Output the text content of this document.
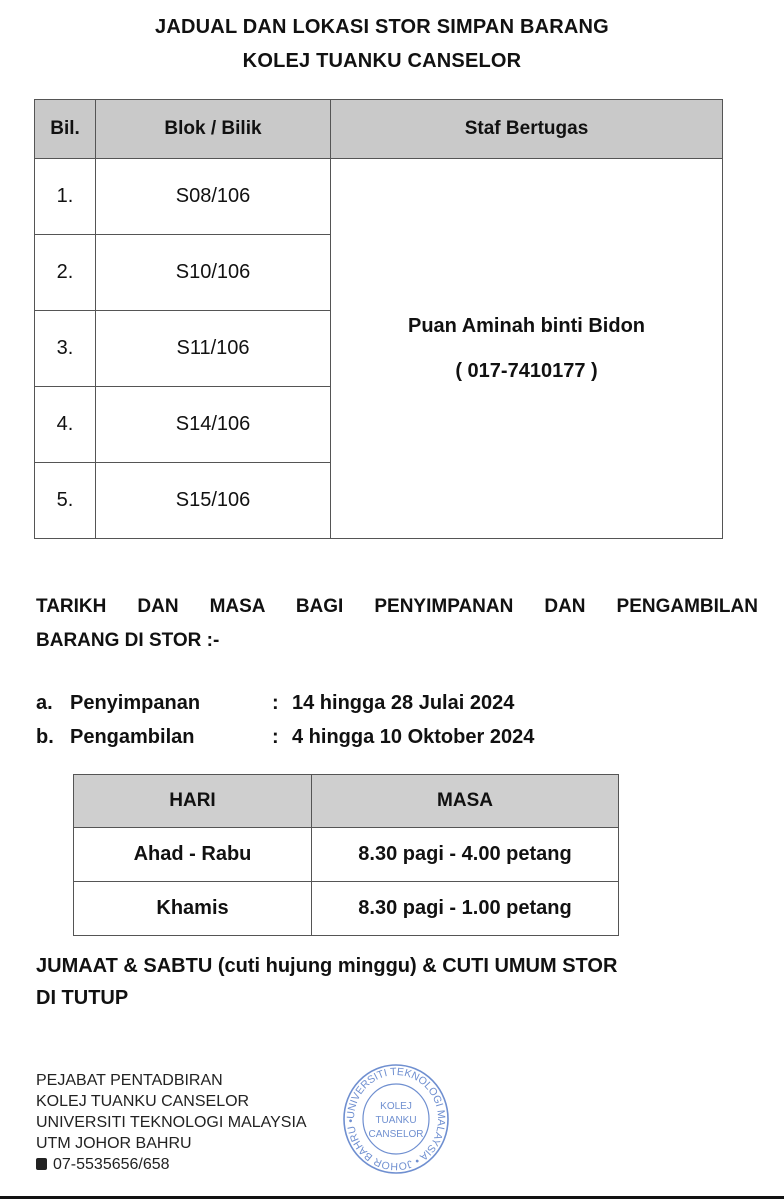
JADUAL DAN LOKASI STOR SIMPAN BARANG
KOLEJ TUANKU CANSELOR
Bil.	Blok / Bilik	Staf Bertugas
1.	S08/106	Puan Aminah binti Bidon
( 017-7410177 )

2.	S10/106	
3.	S11/106	
4.	S14/106	
5.	S15/106	
TARIKH DAN MASA BAGI PENYIMPANAN DAN PENGAMBILAN
BARANG DI STOR :-
a. Penyimpanan	: 14 hingga 28 Julai 2024
b. Pengambilan	: 4 hingga 10 Oktober 2024
HARI	MASA
Ahad - Rabu	8.30 pagi - 4.00 petang
Khamis	8.30 pagi - 1.00 petang
JUMAAT & SABTU (cuti hujung minggu) & CUTI UMUM STOR
DI TUTUP
PEJABAT PENTADBIRAN
KOLEJ TUANKU CANSELOR
UNIVERSITI TEKNOLOGI MALAYSIA
UTM JOHOR BAHRU
07-5535656/658
UNIVERSITI TEKNOLOGI MALAYSIA • JOHOR BAHRU •
KOLEJ
TUANKU
CANSELOR
